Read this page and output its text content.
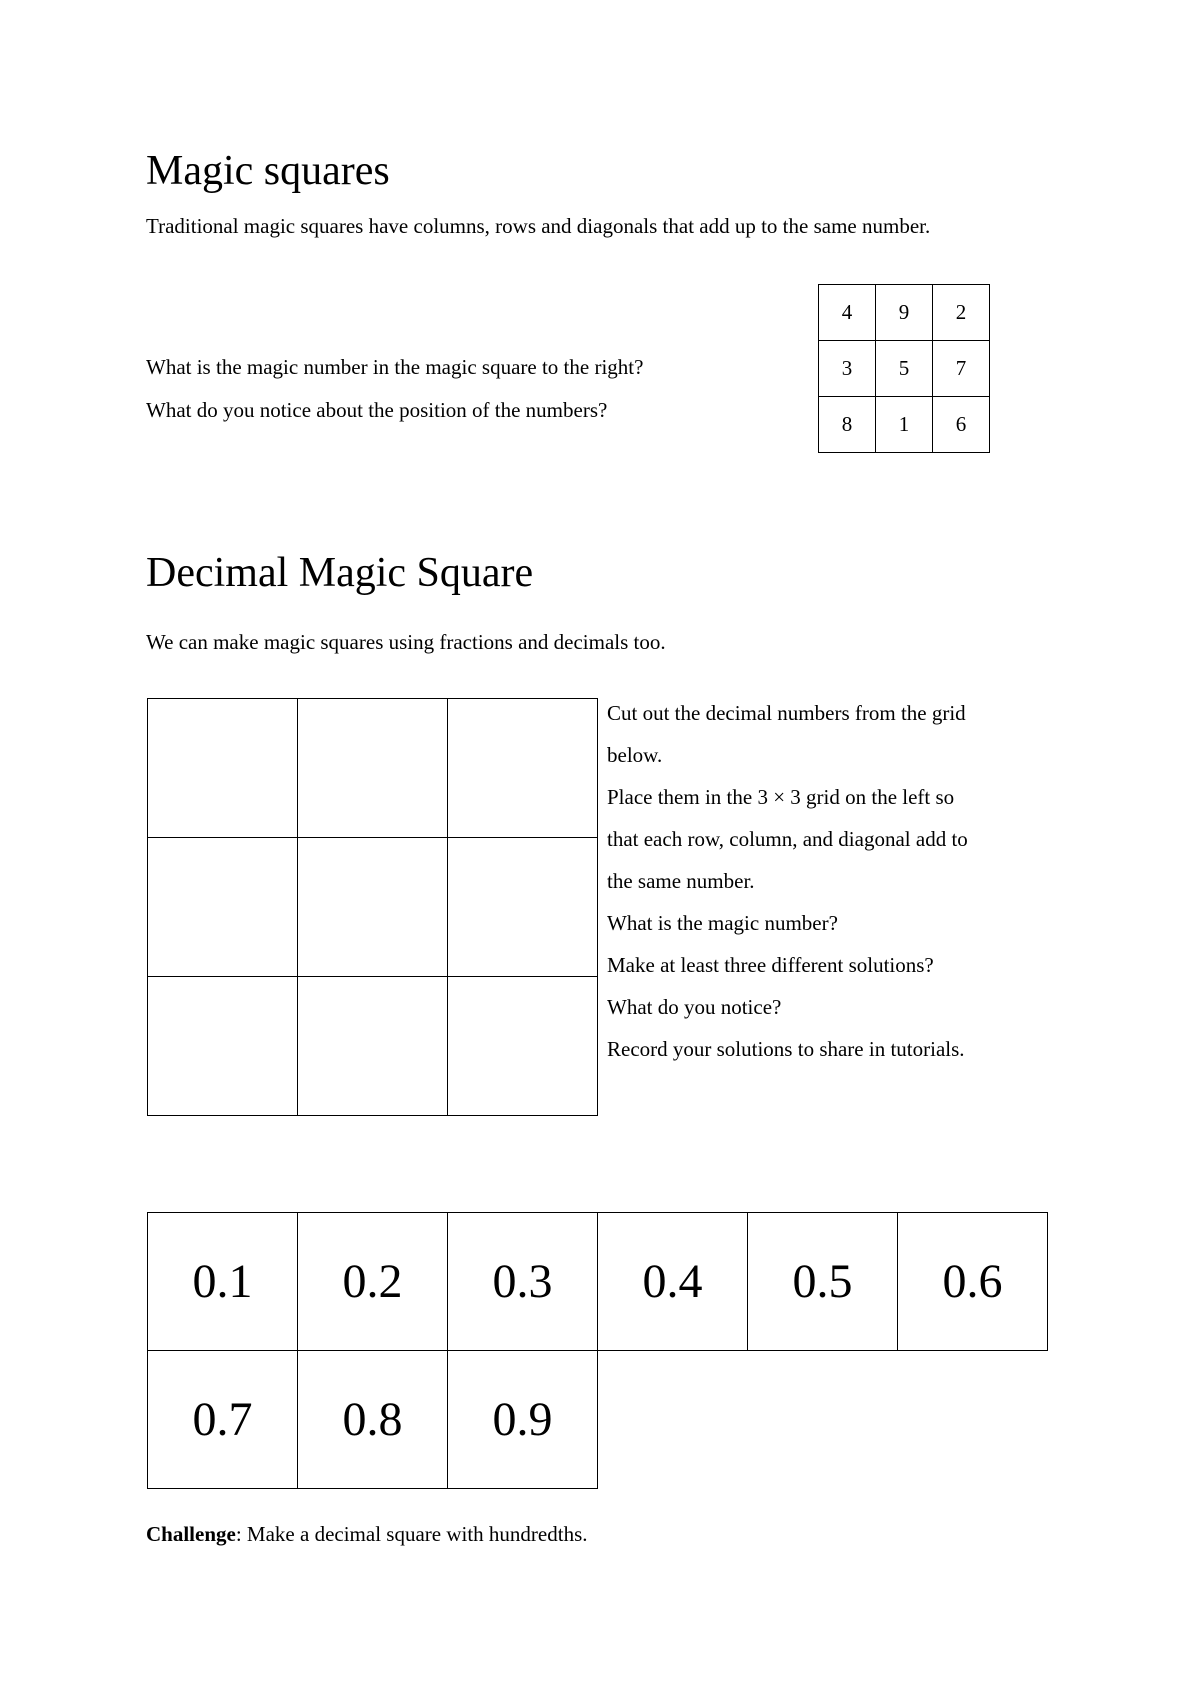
Magic squares

Traditional magic squares have columns, rows and diagonals that add up to the same number.

What is the magic number in the magic square to the right?

What do you notice about the position of the numbers?

4	9	2
3	5	7
8	1	6
Decimal Magic Square

We can make magic squares using fractions and decimals too.

Cut out the decimal numbers from the grid
below.
Place them in the 3 × 3 grid on the left so
that each row, column, and diagonal add to
the same number.
What is the magic number?
Make at least three different solutions?
What do you notice?
Record your solutions to share in tutorials.
0.1	0.2	0.3	0.4	0.5	0.6
0.7	0.8	0.9			

Challenge: Make a decimal square with hundredths.
